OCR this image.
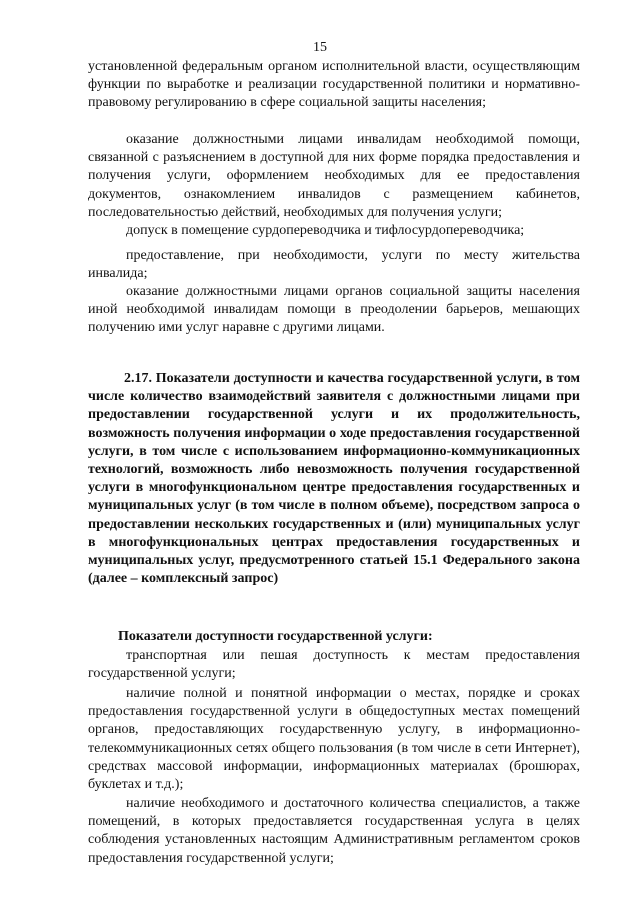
15

установленной федеральным органом исполнительной власти, осуществляющим функции по выработке и реализации государственной политики и нормативно-правовому регулированию в сфере социальной защиты населения;

оказание должностными лицами инвалидам необходимой помощи, связанной с разъяснением в доступной для них форме порядка предоставления и получения услуги, оформлением необходимых для ее предоставления документов, ознакомлением инвалидов с размещением кабинетов, последовательностью действий, необходимых для получения услуги;

допуск в помещение сурдопереводчика и тифлосурдопереводчика;

предоставление, при необходимости, услуги по месту жительства инвалида;

оказание должностными лицами органов социальной защиты населения иной необходимой инвалидам помощи в преодолении барьеров, мешающих получению ими услуг наравне с другими лицами.

2.17. Показатели доступности и качества государственной услуги, в том числе количество взаимодействий заявителя с должностными лицами при предоставлении государственной услуги и их продолжительность, возможность получения информации о ходе предоставления государственной услуги, в том числе с использованием информационно-коммуникационных технологий, возможность либо невозможность получения государственной услуги в многофункциональном центре предоставления государственных и муниципальных услуг (в том числе в полном объеме), посредством запроса о предоставлении нескольких государственных и (или) муниципальных услуг в многофункциональных центрах предоставления государственных и муниципальных услуг, предусмотренного статьей 15.1 Федерального закона (далее – комплексный запрос)

Показатели доступности государственной услуги:

транспортная или пешая доступность к местам предоставления государственной услуги;

наличие полной и понятной информации о местах, порядке и сроках предоставления государственной услуги в общедоступных местах помещений органов, предоставляющих государственную услугу, в информационно-телекоммуникационных сетях общего пользования (в том числе в сети Интернет), средствах массовой информации, информационных материалах (брошюрах, буклетах и т.д.);

наличие необходимого и достаточного количества специалистов, а также помещений, в которых предоставляется государственная услуга в целях соблюдения установленных настоящим Административным регламентом сроков предоставления государственной услуги;
